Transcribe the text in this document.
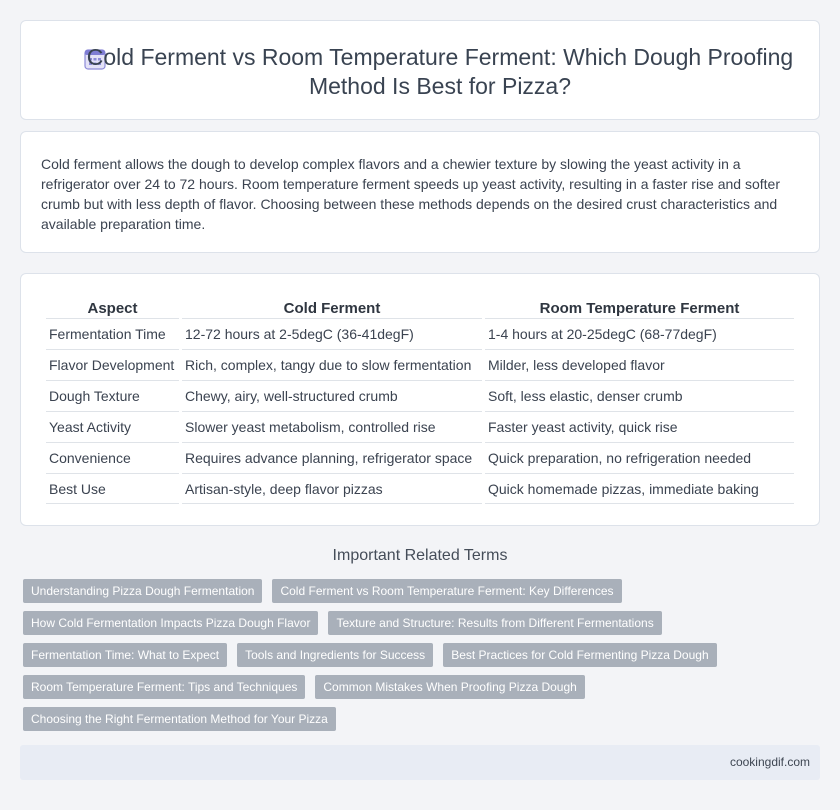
Cold Ferment vs Room Temperature Ferment: Which Dough Proofing Method Is Best for Pizza?

Cold ferment allows the dough to develop complex flavors and a chewier texture by slowing the yeast activity in a refrigerator over 24 to 72 hours. Room temperature ferment speeds up yeast activity, resulting in a faster rise and softer crumb but with less depth of flavor. Choosing between these methods depends on the desired crust characteristics and available preparation time.

Aspect	Cold Ferment	Room Temperature Ferment
Fermentation Time	12-72 hours at 2-5degC (36-41degF)	1-4 hours at 20-25degC (68-77degF)
Flavor Development	Rich, complex, tangy due to slow fermentation	Milder, less developed flavor
Dough Texture	Chewy, airy, well-structured crumb	Soft, less elastic, denser crumb
Yeast Activity	Slower yeast metabolism, controlled rise	Faster yeast activity, quick rise
Convenience	Requires advance planning, refrigerator space	Quick preparation, no refrigeration needed
Best Use	Artisan-style, deep flavor pizzas	Quick homemade pizzas, immediate baking
Important Related Terms
Understanding Pizza Dough Fermentation	Cold Ferment vs Room Temperature Ferment: Key Differences
How Cold Fermentation Impacts Pizza Dough Flavor	Texture and Structure: Results from Different Fermentations
Fermentation Time: What to Expect	Tools and Ingredients for Success	Best Practices for Cold Fermenting Pizza Dough
Room Temperature Ferment: Tips and Techniques	Common Mistakes When Proofing Pizza Dough
Choosing the Right Fermentation Method for Your Pizza
cookingdif.com
